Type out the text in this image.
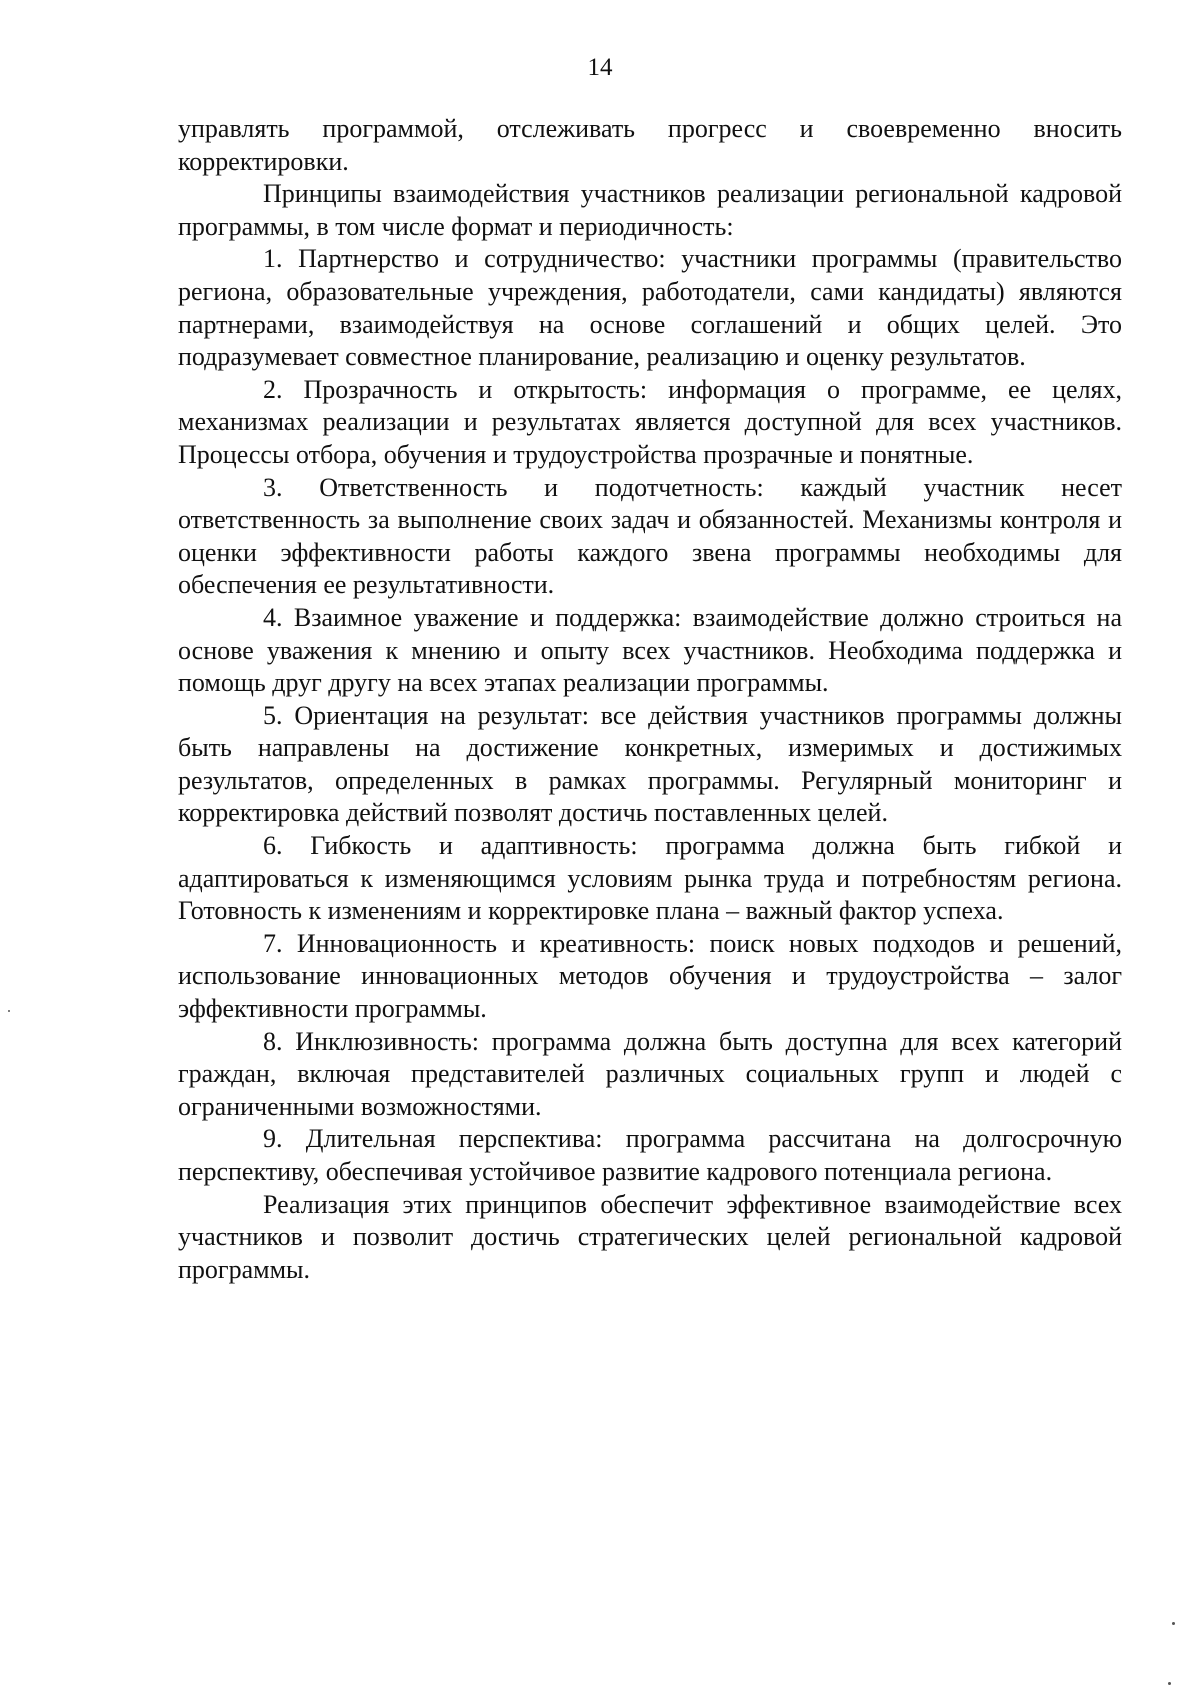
14

управлять программой, отслеживать прогресс и своевременно вносить корректировки.

Принципы взаимодействия участников реализации региональной кадровой программы, в том числе формат и периодичность:

1. Партнерство и сотрудничество: участники программы (правительство региона, образовательные учреждения, работодатели, сами кандидаты) являются партнерами, взаимодействуя на основе соглашений и общих целей. Это подразумевает совместное планирование, реализацию и оценку результатов.

2. Прозрачность и открытость: информация о программе, ее целях, механизмах реализации и результатах является доступной для всех участников. Процессы отбора, обучения и трудоустройства прозрачные и понятные.

3. Ответственность и подотчетность: каждый участник несет ответственность за выполнение своих задач и обязанностей. Механизмы контроля и оценки эффективности работы каждого звена программы необходимы для обеспечения ее результативности.

4. Взаимное уважение и поддержка: взаимодействие должно строиться на основе уважения к мнению и опыту всех участников. Необходима поддержка и помощь друг другу на всех этапах реализации программы.

5. Ориентация на результат: все действия участников программы должны быть направлены на достижение конкретных, измеримых и достижимых результатов, определенных в рамках программы. Регулярный мониторинг и корректировка действий позволят достичь поставленных целей.

6. Гибкость и адаптивность: программа должна быть гибкой и адаптироваться к изменяющимся условиям рынка труда и потребностям региона. Готовность к изменениям и корректировке плана – важный фактор успеха.

7. Инновационность и креативность: поиск новых подходов и решений, использование инновационных методов обучения и трудоустройства – залог эффективности программы.

8. Инклюзивность: программа должна быть доступна для всех категорий граждан, включая представителей различных социальных групп и людей с ограниченными возможностями.

9. Длительная перспектива: программа рассчитана на долгосрочную перспективу, обеспечивая устойчивое развитие кадрового потенциала региона.

Реализация этих принципов обеспечит эффективное взаимодействие всех участников и позволит достичь стратегических целей региональной кадровой программы.
